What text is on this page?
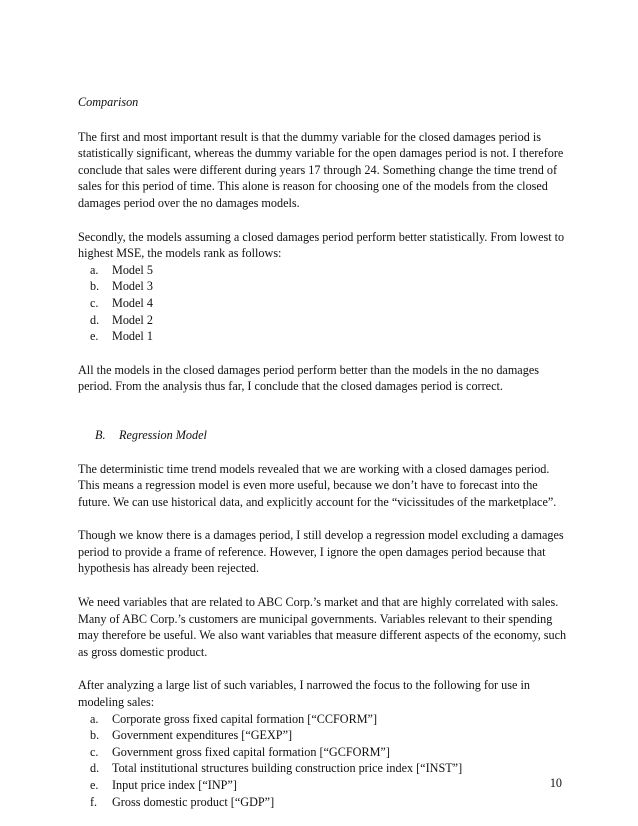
Comparison

The first and most important result is that the dummy variable for the closed damages period is statistically significant, whereas the dummy variable for the open damages period is not. I therefore conclude that sales were different during years 17 through 24. Something change the time trend of sales for this period of time. This alone is reason for choosing one of the models from the closed damages period over the no damages models.

Secondly, the models assuming a closed damages period perform better statistically. From lowest to highest MSE, the models rank as follows:

a.	Model 5
b.	Model 3
c.	Model 4
d.	Model 2
e.	Model 1

All the models in the closed damages period perform better than the models in the no damages period. From the analysis thus far, I conclude that the closed damages period is correct.

B. Regression Model

The deterministic time trend models revealed that we are working with a closed damages period. This means a regression model is even more useful, because we don’t have to forecast into the future. We can use historical data, and explicitly account for the “vicissitudes of the marketplace”.

Though we know there is a damages period, I still develop a regression model excluding a damages period to provide a frame of reference. However, I ignore the open damages period because that hypothesis has already been rejected.

We need variables that are related to ABC Corp.’s market and that are highly correlated with sales. Many of ABC Corp.’s customers are municipal governments. Variables relevant to their spending may therefore be useful. We also want variables that measure different aspects of the economy, such as gross domestic product.

After analyzing a large list of such variables, I narrowed the focus to the following for use in modeling sales:

a.	Corporate gross fixed capital formation [“CCFORM”]
b.	Government expenditures [“GEXP”]
c.	Government gross fixed capital formation [“GCFORM”]
d.	Total institutional structures building construction price index [“INST”]
e.	Input price index [“INP”]
f.	Gross domestic product [“GDP”]
10
